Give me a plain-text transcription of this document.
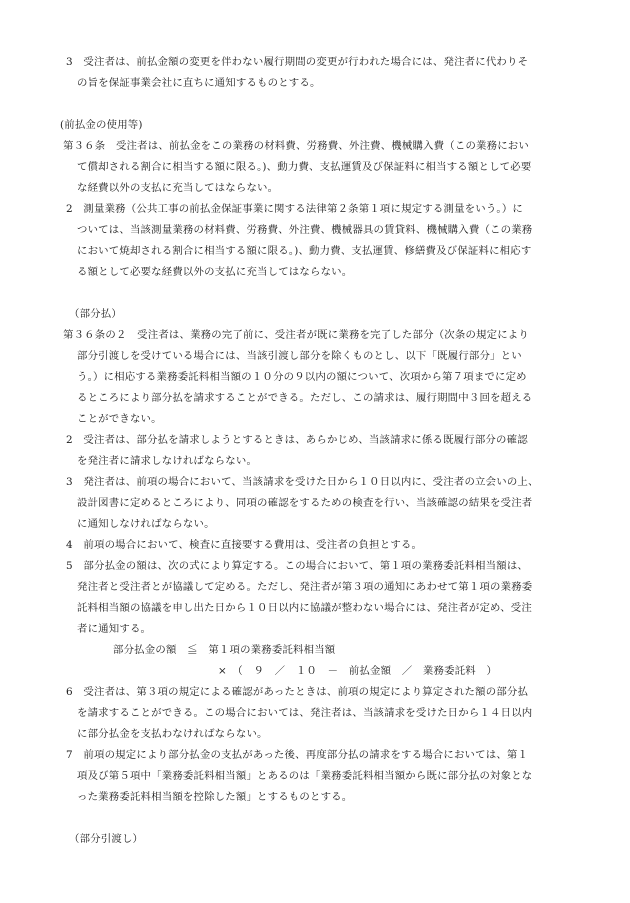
3　受注者は、前払金額の変更を伴わない履行期間の変更が行われた場合には、発注者に代わりそ
の旨を保証事業会社に直ちに通知するものとする。
(前払金の使用等)
第３６条　受注者は、前払金をこの業務の材料費、労務費、外注費、機械購入費（この業務におい
て償却される割合に相当する額に限る。)、動力費、支払運賃及び保証料に相当する額として必要
な経費以外の支払に充当してはならない。
2　測量業務（公共工事の前払金保証事業に関する法律第２条第１項に規定する測量をいう。）に
ついては、当該測量業務の材料費、労務費、外注費、機械器具の賃貸料、機械購入費（この業務
において焼却される割合に相当する額に限る。)、動力費、支払運賃、修繕費及び保証料に相応す
る額として必要な経費以外の支払に充当してはならない。
（部分払）
第３６条の２　受注者は、業務の完了前に、受注者が既に業務を完了した部分（次条の規定により
部分引渡しを受けている場合には、当該引渡し部分を除くものとし、以下「既履行部分」とい
う。）に相応する業務委託料相当額の１０分の９以内の額について、次項から第７項までに定め
るところにより部分払を請求することができる。ただし、この請求は、履行期間中３回を超える
ことができない。
2　受注者は、部分払を請求しようとするときは、あらかじめ、当該請求に係る既履行部分の確認
を発注者に請求しなければならない。
3　発注者は、前項の場合において、当該請求を受けた日から１０日以内に、受注者の立会いの上、
設計図書に定めるところにより、同項の確認をするための検査を行い、当該確認の結果を受注者
に通知しなければならない。
4　前項の場合において、検査に直接要する費用は、受注者の負担とする。
5　部分払金の額は、次の式により算定する。この場合において、第１項の業務委託料相当額は、
発注者と受注者とが協議して定める。ただし、発注者が第３項の通知にあわせて第１項の業務委
託料相当額の協議を申し出た日から１０日以内に協議が整わない場合には、発注者が定め、受注
者に通知する。
部分払金の額　≦　第１項の業務委託料相当額
×　（　９　／　１０　－　前払金額　／　業務委託料　）
6　受注者は、第３項の規定による確認があったときは、前項の規定により算定された額の部分払
を請求することができる。この場合においては、発注者は、当該請求を受けた日から１４日以内
に部分払金を支払わなければならない。
7　前項の規定により部分払金の支払があった後、再度部分払の請求をする場合においては、第１
項及び第５項中「業務委託料相当額」とあるのは「業務委託料相当額から既に部分払の対象とな
った業務委託料相当額を控除した額」とするものとする。
（部分引渡し）
